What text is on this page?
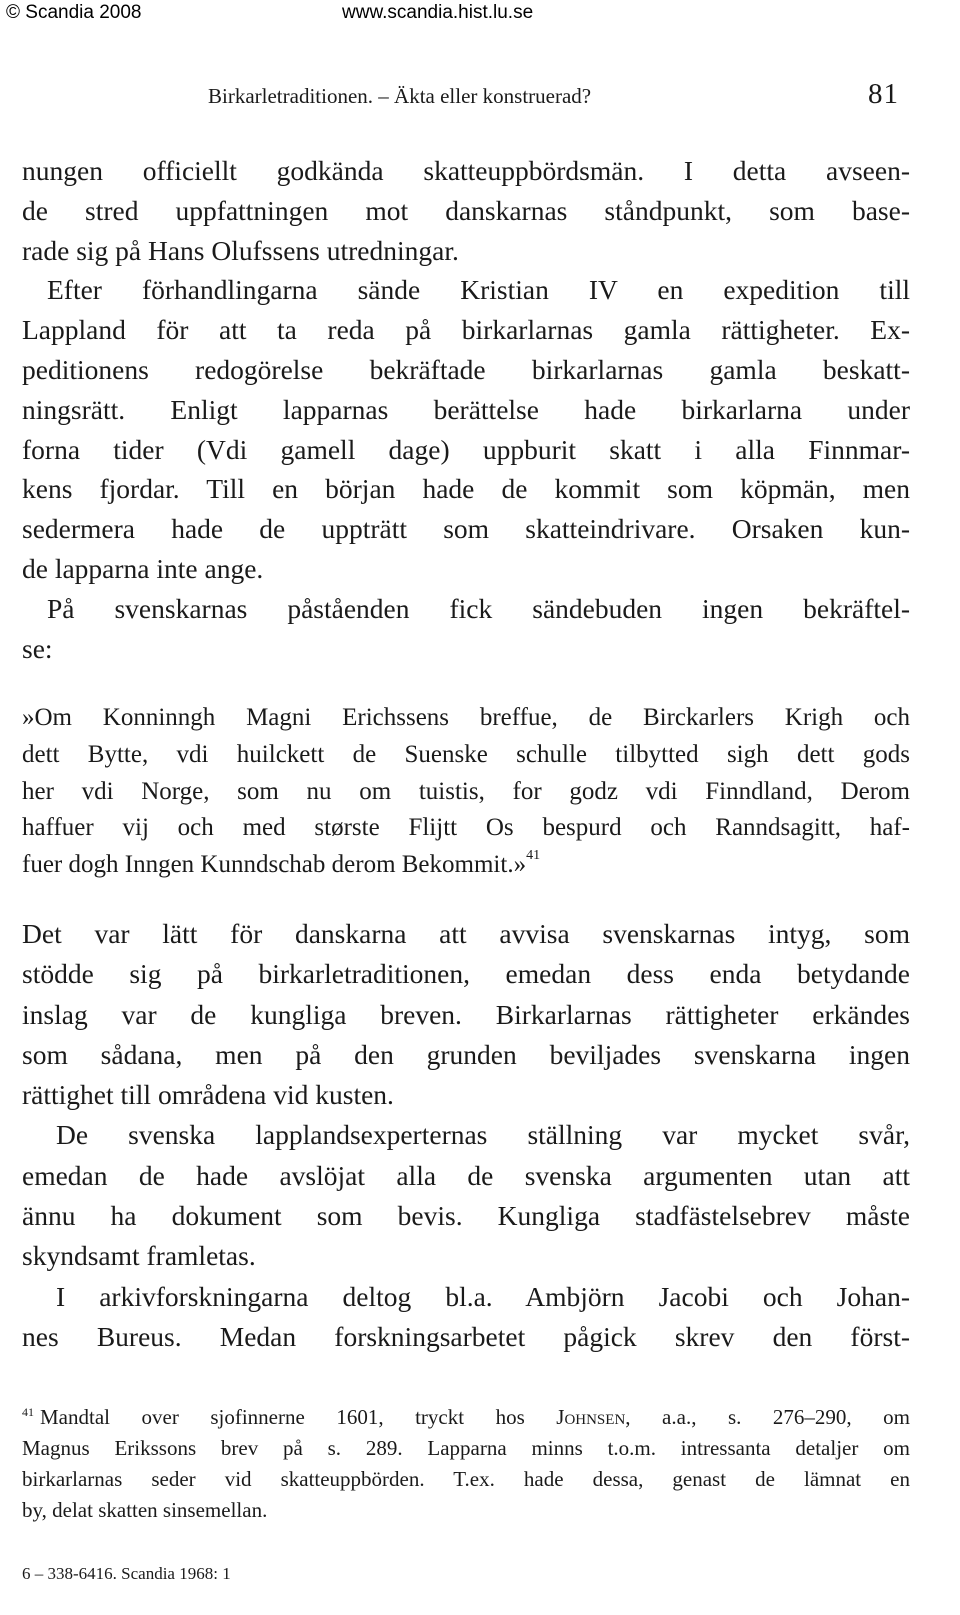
© Scandia 2008	www.scandia.hist.lu.se
Birkarletraditionen. – Äkta eller konstruerad?	81

nungen officiellt godkända skatteuppbördsmän. I detta avseen-

de stred uppfattningen mot danskarnas ståndpunkt, som base-

rade sig på Hans Olufssens utredningar.

Efter förhandlingarna sände Kristian IV en expedition till

Lappland för att ta reda på birkarlarnas gamla rättigheter. Ex-

peditionens redogörelse bekräftade birkarlarnas gamla beskatt-

ningsrätt. Enligt lapparnas berättelse hade birkarlarna under

forna tider (Vdi gamell dage) uppburit skatt i alla Finnmar-

kens fjordar. Till en början hade de kommit som köpmän, men

sedermera hade de uppträtt som skatteindrivare. Orsaken kun-

de lapparna inte ange.

På svenskarnas påståenden fick sändebuden ingen bekräftel-

se:

»Om Konninngh Magni Erichssens breffue, de Birckarlers Krigh och

dett Bytte, vdi huilckett de Suenske schulle tilbytted sigh dett gods

her vdi Norge, som nu om tuistis, for godz vdi Finndland, Derom

haffuer vij och med største Flijtt Os bespurd och Ranndsagitt, haf-

fuer dogh Inngen Kunndschab derom Bekommit.»$^{41}$

Det var lätt för danskarna att avvisa svenskarnas intyg, som

stödde sig på birkarletraditionen, emedan dess enda betydande

inslag var de kungliga breven. Birkarlarnas rättigheter erkändes

som sådana, men på den grunden beviljades svenskarna ingen

rättighet till områdena vid kusten.

De svenska lapplandsexperternas ställning var mycket svår,

emedan de hade avslöjat alla de svenska argumenten utan att

ännu ha dokument som bevis. Kungliga stadfästelsebrev måste

skyndsamt framletas.

I arkivforskningarna deltog bl.a. Ambjörn Jacobi och Johan-

nes Bureus. Medan forskningsarbetet pågick skrev den först-

$^{41}$ Mandtal over sjofinnerne 1601, tryckt hos Johnsen, a.a., s. 276–290, om

Magnus Erikssons brev på s. 289. Lapparna minns t.o.m. intressanta detaljer om

birkarlarnas seder vid skatteuppbörden. T.ex. hade dessa, genast de lämnat en

by, delat skatten sinsemellan.

6 – 338-6416. Scandia 1968: 1
